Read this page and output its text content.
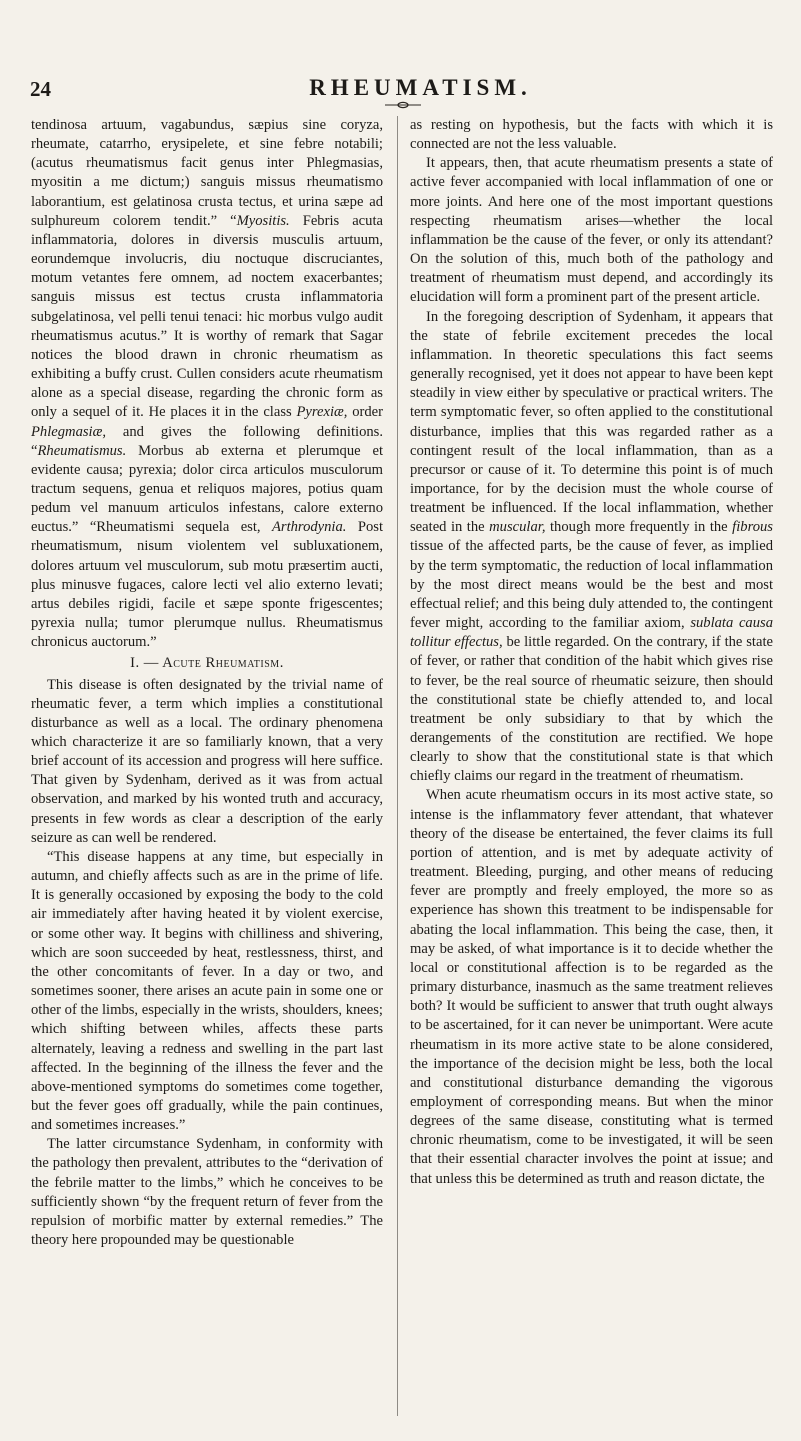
24	RHEUMATISM.

tendinosa artuum, vagabundus, sæpius sine coryza, rheumate, catarrho, erysipelete, et sine febre notabili; (acutus rheumatismus facit genus inter Phlegmasias, myositin a me dictum;) sanguis missus rheumatismo laborantium, est gelatinosa crusta tectus, et urina sæpe ad sulphureum colorem tendit.” “Myositis. Febris acuta inflammatoria, dolores in diversis musculis artuum, eorundemque involucris, diu noctuque discruciantes, motum vetantes fere omnem, ad noctem exacerbantes; sanguis missus est tectus crusta inflammatoria subgelatinosa, vel pelli tenui tenaci: hic morbus vulgo audit rheumatismus acutus.” It is worthy of remark that Sagar notices the blood drawn in chronic rheumatism as exhibiting a buffy crust. Cullen considers acute rheumatism alone as a special disease, regarding the chronic form as only a sequel of it. He places it in the class Pyrexiæ, order Phlegmasiæ, and gives the following definitions. “Rheumatismus. Morbus ab externa et plerumque et evidente causa; pyrexia; dolor circa articulos musculorum tractum sequens, genua et reliquos majores, potius quam pedum vel manuum articulos infestans, calore externo euctus.” “Rheumatismi sequela est, Arthrodynia. Post rheumatismum, nisum violentem vel subluxationem, dolores artuum vel musculorum, sub motu præsertim aucti, plus minusve fugaces, calore lecti vel alio externo levati; artus debiles rigidi, facile et sæpe sponte frigescentes; pyrexia nulla; tumor plerumque nullus. Rheumatismus chronicus auctorum.”

I. — Acute Rheumatism.

This disease is often designated by the trivial name of rheumatic fever, a term which implies a constitutional disturbance as well as a local. The ordinary phenomena which characterize it are so familiarly known, that a very brief account of its accession and progress will here suffice. That given by Sydenham, derived as it was from actual observation, and marked by his wonted truth and accuracy, presents in few words as clear a description of the early seizure as can well be rendered.

“This disease happens at any time, but especially in autumn, and chiefly affects such as are in the prime of life. It is generally occasioned by exposing the body to the cold air immediately after having heated it by violent exercise, or some other way. It begins with chilliness and shivering, which are soon succeeded by heat, restlessness, thirst, and the other concomitants of fever. In a day or two, and sometimes sooner, there arises an acute pain in some one or other of the limbs, especially in the wrists, shoulders, knees; which shifting between whiles, affects these parts alternately, leaving a redness and swelling in the part last affected. In the beginning of the illness the fever and the above-mentioned symptoms do sometimes come together, but the fever goes off gradually, while the pain continues, and sometimes increases.”

The latter circumstance Sydenham, in conformity with the pathology then prevalent, attributes to the “derivation of the febrile matter to the limbs,” which he conceives to be sufficiently shown “by the frequent return of fever from the repulsion of morbific matter by external remedies.” The theory here propounded may be questionable

as resting on hypothesis, but the facts with which it is connected are not the less valuable.

It appears, then, that acute rheumatism presents a state of active fever accompanied with local inflammation of one or more joints. And here one of the most important questions respecting rheumatism arises—whether the local inflammation be the cause of the fever, or only its attendant? On the solution of this, much both of the pathology and treatment of rheumatism must depend, and accordingly its elucidation will form a prominent part of the present article.

In the foregoing description of Sydenham, it appears that the state of febrile excitement precedes the local inflammation. In theoretic speculations this fact seems generally recognised, yet it does not appear to have been kept steadily in view either by speculative or practical writers. The term symptomatic fever, so often applied to the constitutional disturbance, implies that this was regarded rather as a contingent result of the local inflammation, than as a precursor or cause of it. To determine this point is of much importance, for by the decision must the whole course of treatment be influenced. If the local inflammation, whether seated in the muscular, though more frequently in the fibrous tissue of the affected parts, be the cause of fever, as implied by the term symptomatic, the reduction of local inflammation by the most direct means would be the best and most effectual relief; and this being duly attended to, the contingent fever might, according to the familiar axiom, sublata causa tollitur effectus, be little regarded. On the contrary, if the state of fever, or rather that condition of the habit which gives rise to fever, be the real source of rheumatic seizure, then should the constitutional state be chiefly attended to, and local treatment be only subsidiary to that by which the derangements of the constitution are rectified. We hope clearly to show that the constitutional state is that which chiefly claims our regard in the treatment of rheumatism.

When acute rheumatism occurs in its most active state, so intense is the inflammatory fever attendant, that whatever theory of the disease be entertained, the fever claims its full portion of attention, and is met by adequate activity of treatment. Bleeding, purging, and other means of reducing fever are promptly and freely employed, the more so as experience has shown this treatment to be indispensable for abating the local inflammation. This being the case, then, it may be asked, of what importance is it to decide whether the local or constitutional affection is to be regarded as the primary disturbance, inasmuch as the same treatment relieves both? It would be sufficient to answer that truth ought always to be ascertained, for it can never be unimportant. Were acute rheumatism in its more active state to be alone considered, the importance of the decision might be less, both the local and constitutional disturbance demanding the vigorous employment of corresponding means. But when the minor degrees of the same disease, constituting what is termed chronic rheumatism, come to be investigated, it will be seen that their essential character involves the point at issue; and that unless this be determined as truth and reason dictate, the
